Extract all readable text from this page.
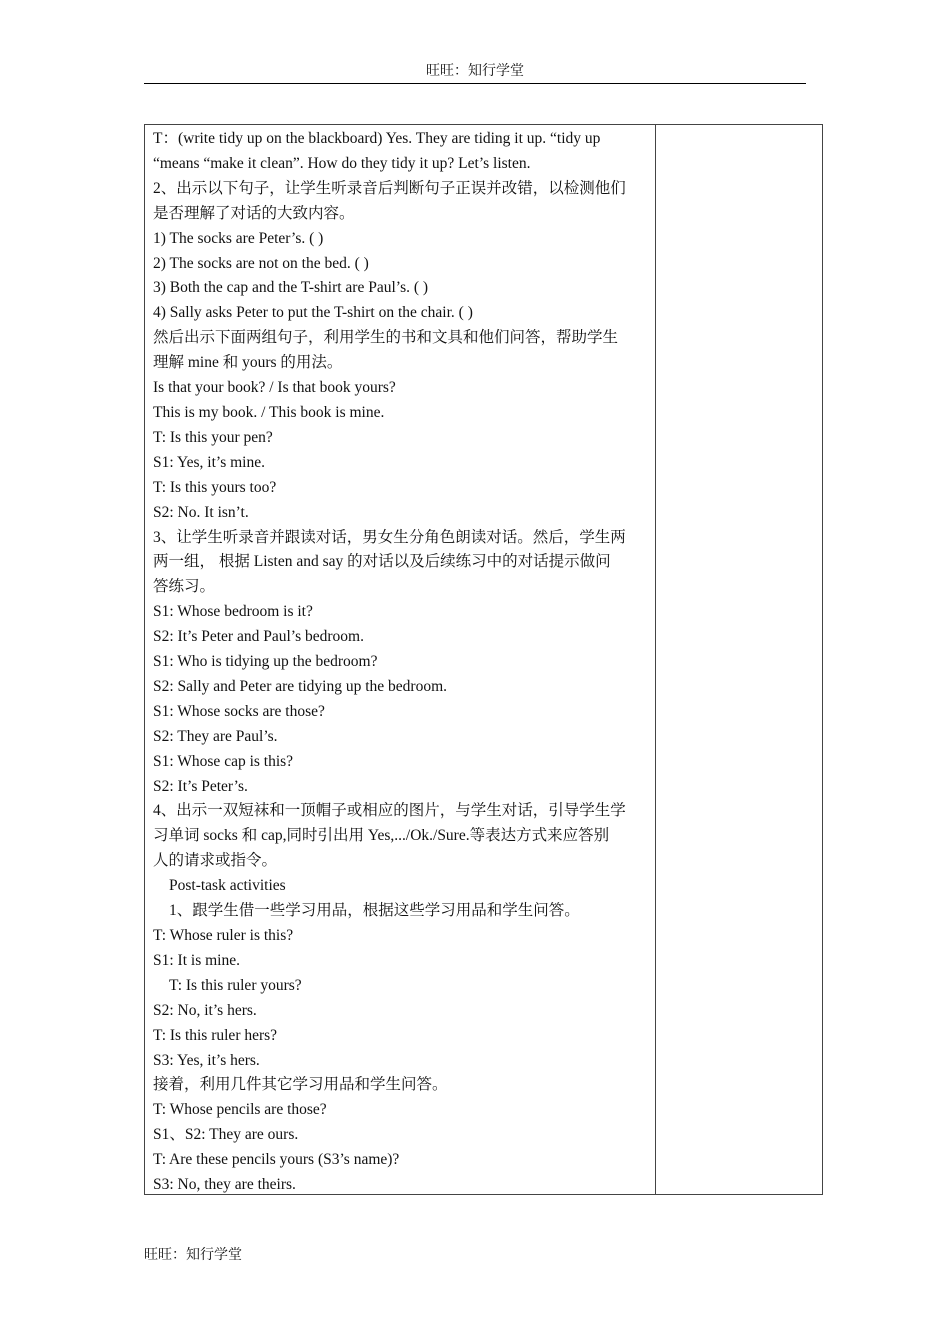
旺旺：知行学堂
T：(write tidy up on the blackboard) Yes. They are tiding it up. “tidy up
“means “make it clean”. How do they tidy it up? Let’s listen.
2、出示以下句子，让学生听录音后判断句子正误并改错，以检测他们
是否理解了对话的大致内容。
1) The socks are Peter’s. ( )
2) The socks are not on the bed. ( )
3) Both the cap and the T-shirt are Paul’s. ( )
4) Sally asks Peter to put the T-shirt on the chair. ( )
然后出示下面两组句子，利用学生的书和文具和他们问答，帮助学生
理解 mine 和 yours 的用法。
Is that your book? / Is that book yours?
This is my book. / This book is mine.
T: Is this your pen?
S1: Yes, it’s mine.
T: Is this yours too?
S2: No. It isn’t.
3、让学生听录音并跟读对话，男女生分角色朗读对话。然后，学生两
两一组， 根据 Listen and say 的对话以及后续练习中的对话提示做问
答练习。
S1: Whose bedroom is it?
S2: It’s Peter and Paul’s bedroom.
S1: Who is tidying up the bedroom?
S2: Sally and Peter are tidying up the bedroom.
S1: Whose socks are those?
S2: They are Paul’s.
S1: Whose cap is this?
S2: It’s Peter’s.
4、出示一双短袜和一顶帽子或相应的图片，与学生对话，引导学生学
习单词 socks 和 cap,同时引出用 Yes,.../Ok./Sure.等表达方式来应答别
人的请求或指令。
Post-task activities
1、跟学生借一些学习用品，根据这些学习用品和学生问答。
T: Whose ruler is this?
S1: It is mine.
T: Is this ruler yours?
S2: No, it’s hers.
T: Is this ruler hers?
S3: Yes, it’s hers.
接着，利用几件其它学习用品和学生问答。
T: Whose pencils are those?
S1、S2: They are ours.
T: Are these pencils yours (S3’s name)?
S3: No, they are theirs.
旺旺：知行学堂
